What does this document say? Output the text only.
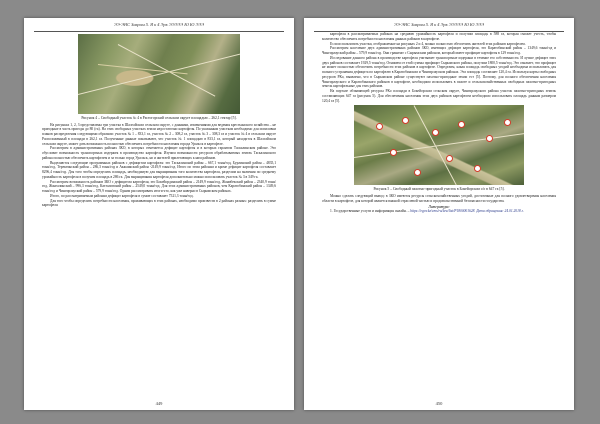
ЭЭ-ЭНС Заврам 5. Я к 4 Эрк ЭЭЭЭЭ Ю Ю ЭЭЭ
Рисунок 4 – Свободный участок № 4 в Растогорский сельском округе площадью – 262,1 гектар [5].

На рисунках 1, 2, 3 представлены три участка в Шалгайском сельском округе, с данными, изменениями для ведения крестьянского хозяйства – не пригодные в часть пригодн до 80 (га). На этих свободных участках земли недостаточно картофеля. По указанным участкам необходимо для испиловки планов распределения следующими образами: участок № 1 – 833,1 га, участок № 2 – 308,2 га, участок № 3 – 308,3 га и участок № 4 в сельском округе Расположенный в площади в 262,1 га. Полученные данные показывают, что участок № 1 площадью в 833,1 га, который находится в Шалгайском сельском округе, может дать возможность полностью обеспечить потребности населения города Уральск в картофеле.

Рассмотрим в административных районах ЗКО, в которых отмечается дефицит картофеля и в которых гарантом Таскалинском районе. Это обусловит возможность транспортных издержек в производство картофеля. Изучим возможности ресурсов обрабатываемых земель Таскалинского района полностью обеспечить картофелем и за только город Уральск, но и жителей прилегающих к ним районов.

Выделяются следующие программных районов с дефицитом картофеля: это Таскалинский район – 667,1 тонн/год, Бурлинский район – 4835,1 тонн/год, Теректинский район – 286,3 тонн/год и Акжаикский район -2149,9 тонн/год. Итого по этим районам и кроме дефицит картофеля составляет 8296,4 тонн/год. Для того чтобы определить площадь, необходимую для выращивания того количества картофеля, разделим на значения по среднему урожайность картофеля в получим площадь в 286 га. Для выращивания картофеля дополнительно можно использовать участок № 3 в 349 га.

Рассмотрим возможность районов ЗКО с дефицитом картофеля, это Бокейординский район – 2149,9 тонн/год, Жанибекский район – 2340,9 тонн/год, Жангалинский – 996,3 тонн/год, Казталовский район – 2549,0 тонн/год. Для этих административных районов, чем Каратобинский район – 1349,6 тонн/год и Чингирлауский район – 579,9 тонн/год. Одним рассматривать итоги что, как уже наверно в Сырымском районах.

Итого, по рассматриваемым районам дефицит картофеля в сумме составляет 7521,3 тонн/год.

Для того чтобы определить потребности населения, проживающих в этих районах, необходимо произвести в 2 районах разных: разделить в сумме картофеля

449
ЭЭ-ЭНС Заврам 5. Я к 4 Эрк ЭЭЭЭЭ Ю Ю ЭЭЭ

картофеля в рассматриваемых районах на среднюю урожайность картофеля и получим площадь в 588 га, которая сможет учесть, чтобы количество обеспечить потребности населения данных районов в картофеле.

Если использовать участки, отображаемые на рисунках 2 и 4, можно полностью обеспечить жителей этих районов картофелем.

Рассмотрим население двух административных районов ЗКО, имеющих дефицит картофеля, это Каратобинский район – 1349,6 тонн/год и Чингирлауский район – 579,9 тонн/год. Они граничат с Сырымским районом, который имеет профицит картофеля в 129 тонн/год.

Исследование данного района в производстве картофеля учитывает транспортные издержки в течение его собственности. И лучше дефицит этих двух районов составляет 1929,5 тонн/год. Отнимем от этой суммы профицит Сырымского района, получим 1800,5 тонн/год. Это означает, что профицит не может полностью обеспечить потребности этих районов в картофеле. Определим, какая площадь свободных угодий необходима использовать для полного устранения дефицита по картофелю в Каратобинском и Чингирлауском районах. Эта площадь составляет 120,4 га. Используя карты свободных ресурсов РКо, выявлено, что в Сырымском районе существуют пахотно-пригодные земли ест [5]. Поэтому, для полного обеспечения населения Чингирлауского и Каратобинского районов в картофеле, необходимо использовать в пахоте и сельскохозяйственных свободных пахотно-пригодных земель картофельные для этих районов.

На портале обзывающей ресурсы РКо площади в Бокейорском сельском округе, Чингирлауского района участок пахотно-пригодных земель составляющих 647 га (рисунок 5). Для обеспечения населения этих двух районов картофелем необходимо использовать площадь данным размером 120,4 га [5].

Рисунок 5 – Свободный пахотно-пригодный участок в Бокейорском с/о в 647 га [5].

Можно сделать следующий вывод: в ЗКО имеются ресурсы сельскохозяйственных угодий, достаточные для полного удовлетворения населения области в картофеле, для которой является важной отраслевой частью и продовольственной безопасности государства.

Литература:
1. Государственные услуги и информация онлайн. – https://egov.kz/cms/ru/law/list/P1800001628. Дата обращения: 24.01.2018 г.
450
